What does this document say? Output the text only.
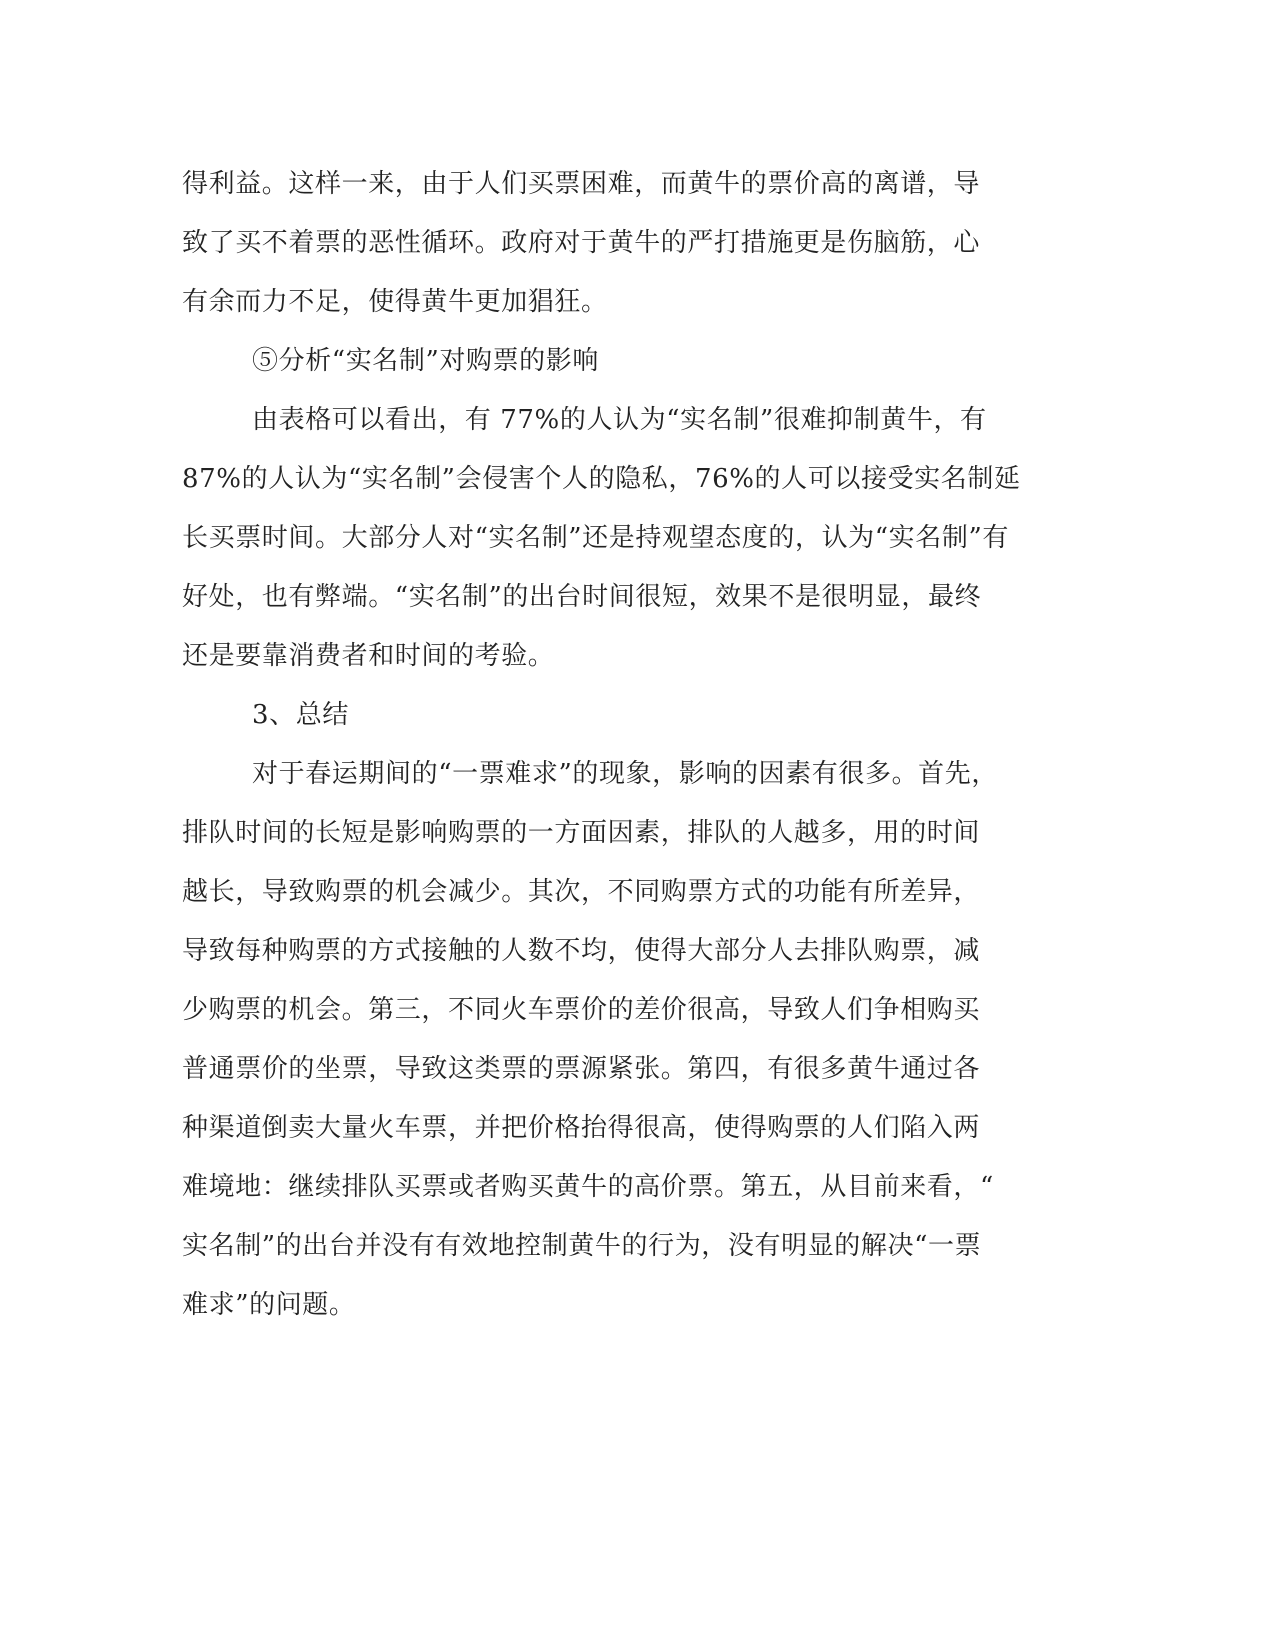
得利益。这样一来，由于人们买票困难，而黄牛的票价高的离谱，导
致了买不着票的恶性循环。政府对于黄牛的严打措施更是伤脑筋，心
有余而力不足，使得黄牛更加猖狂。
⑤分析“实名制”对购票的影响
由表格可以看出，有 77%的人认为“实名制”很难抑制黄牛，有
87%的人认为“实名制”会侵害个人的隐私，76%的人可以接受实名制延
长买票时间。大部分人对“实名制”还是持观望态度的，认为“实名制”有
好处，也有弊端。“实名制”的出台时间很短，效果不是很明显，最终
还是要靠消费者和时间的考验。
3、总结
对于春运期间的“一票难求”的现象，影响的因素有很多。首先，
排队时间的长短是影响购票的一方面因素，排队的人越多，用的时间
越长，导致购票的机会减少。其次，不同购票方式的功能有所差异，
导致每种购票的方式接触的人数不均，使得大部分人去排队购票，减
少购票的机会。第三，不同火车票价的差价很高，导致人们争相购买
普通票价的坐票，导致这类票的票源紧张。第四，有很多黄牛通过各
种渠道倒卖大量火车票，并把价格抬得很高，使得购票的人们陷入两
难境地：继续排队买票或者购买黄牛的高价票。第五，从目前来看，“
实名制”的出台并没有有效地控制黄牛的行为，没有明显的解决“一票
难求”的问题。
